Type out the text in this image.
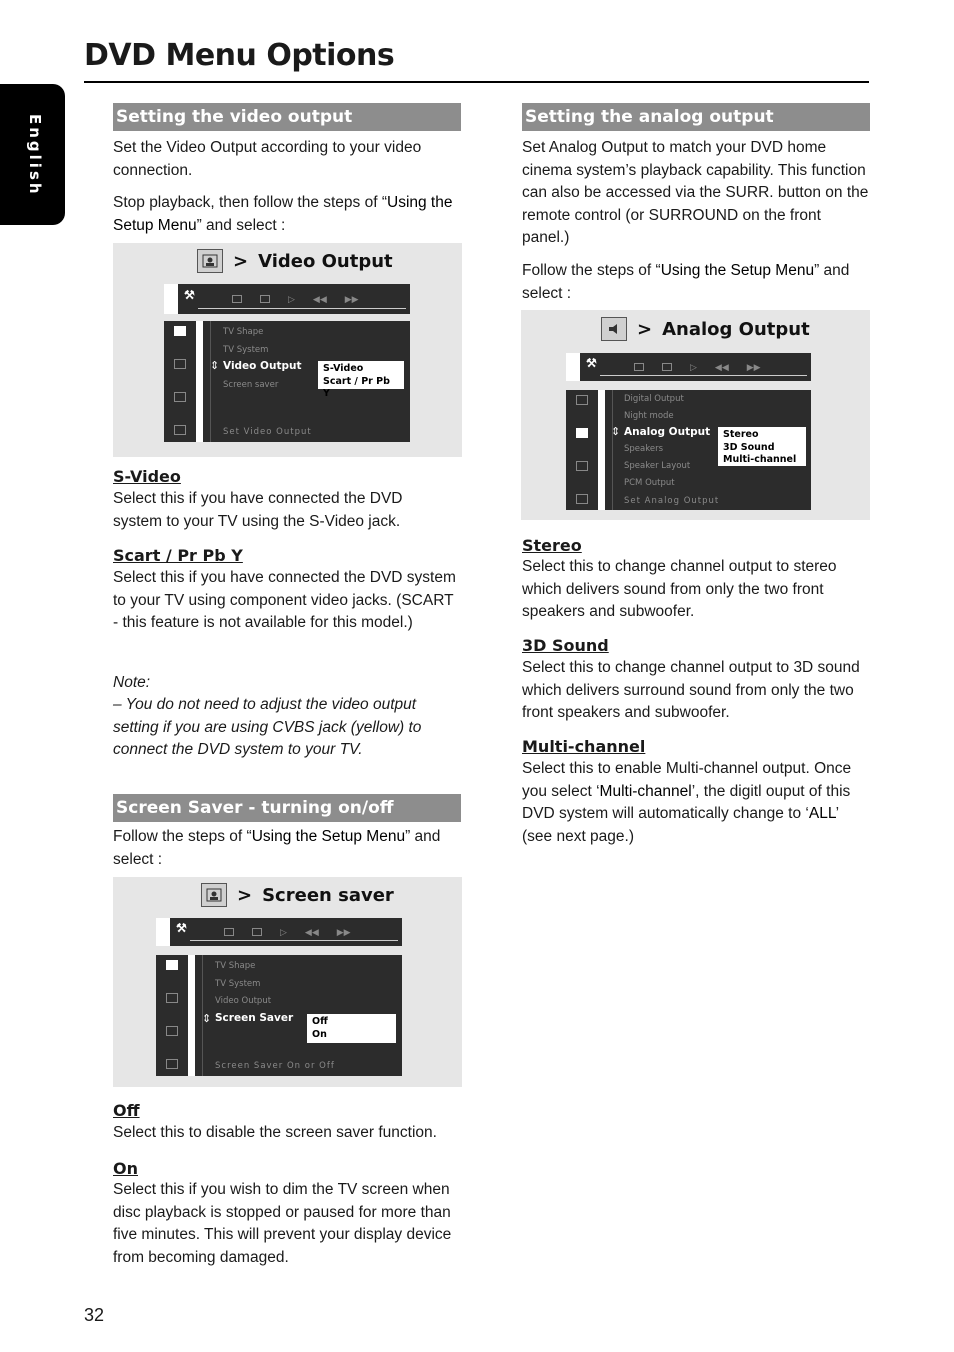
DVD Menu Options
English	Setting the video output

Set the Video Output according to your video connection.

Stop playback, then follow the steps of “Using the Setup Menu” and select :

> Video Output
⚒	▷ ◀◀ ▶▶
TV Shape
TV System
⇕ Video Output
Screen saver
S-Video
Scart / Pr Pb Y
Set Video Output

S-Video

Select this if you have connected the DVD system to your TV using the S-Video jack.

Scart / Pr Pb Y

Select this if you have connected the DVD system to your TV using component video jacks. (SCART - this feature is not available for this model.)

Note:

– You do not need to adjust the video output setting if you are using CVBS jack (yellow) to connect the DVD system to your TV.

Screen Saver - turning on/off

Follow the steps of “Using the Setup Menu” and select :

> Screen saver
⚒	▷ ◀◀ ▶▶
TV Shape
TV System
Video Output
⇕ Screen Saver Off
On
Screen Saver On or Off

Off

Select this to disable the screen saver function.

On

Select this if you wish to dim the TV screen when disc playback is stopped or paused for more than five minutes. This will prevent your display device from becoming damaged.

32

Setting the analog output

Set Analog Output to match your DVD home cinema system’s playback capability. This function can also be accessed via the SURR. button on the remote control (or SURROUND on the front panel.)

Follow the steps of “Using the Setup Menu” and select :

> Analog Output
⚒	▷ ◀◀ ▶▶
Digital Output
Night mode
⇕ Analog Output
Speakers
Speaker Layout
PCM Output
Stereo
3D Sound
Multi-channel
Set Analog Output

Stereo

Select this to change channel output to stereo which delivers sound from only the two front speakers and subwoofer.

3D Sound

Select this to change channel output to 3D sound which delivers surround sound from only the two front speakers and subwoofer.

Multi-channel

Select this to enable Multi-channel output. Once you select ‘Multi-channel’, the digitl ouput of this DVD system will automatically change to ‘ALL’ (see next page.)
